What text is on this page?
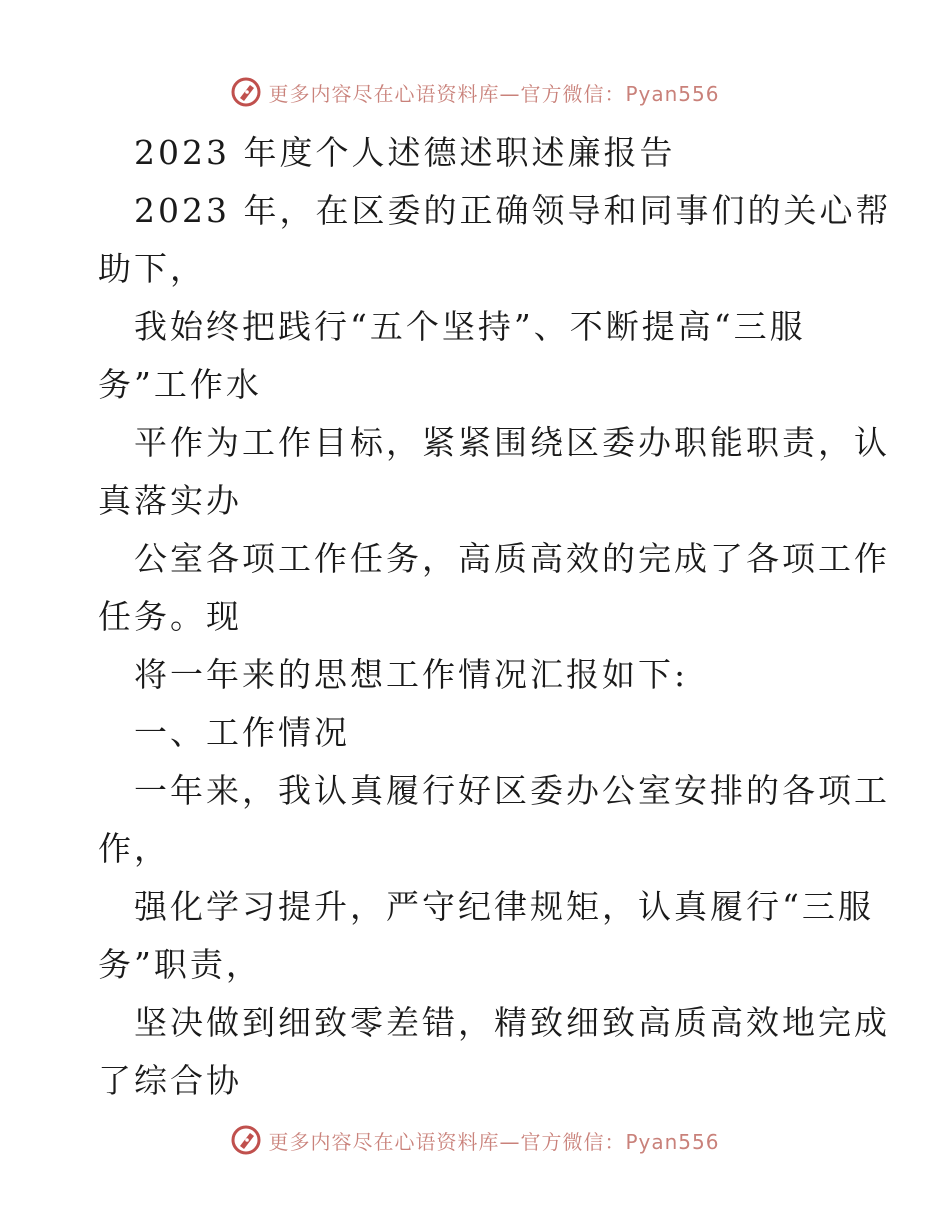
更多内容尽在心语资料库—官方微信：Pyan556
2023 年度个人述德述职述廉报告
2023 年，在区委的正确领导和同事们的关心帮
助下，
我始终把践行“五个坚持”、不断提高“三服
务”工作水
平作为工作目标，紧紧围绕区委办职能职责，认
真落实办
公室各项工作任务，高质高效的完成了各项工作
任务。现
将一年来的思想工作情况汇报如下:
一、工作情况
一年来，我认真履行好区委办公室安排的各项工
作，
强化学习提升，严守纪律规矩，认真履行“三服
务”职责，
坚决做到细致零差错，精致细致高质高效地完成
了综合协
更多内容尽在心语资料库—官方微信：Pyan556
